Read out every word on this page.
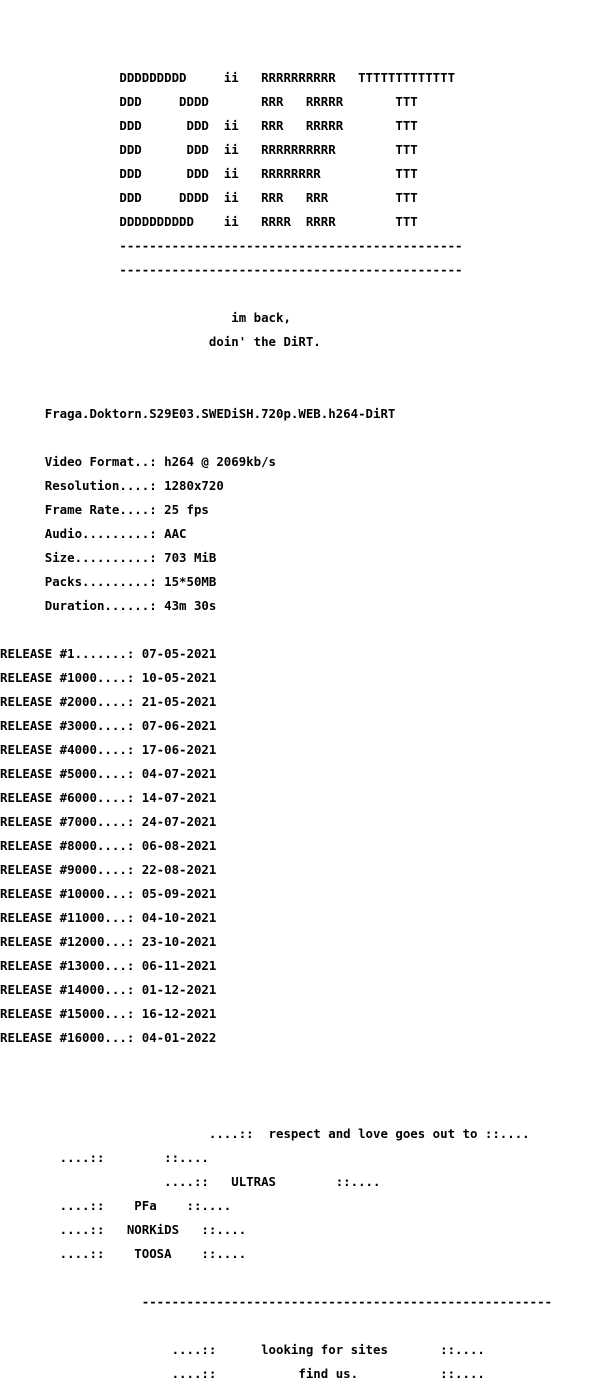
DDDDDDDDD     ii   RRRRRRRRRR   TTTTTTTTTTTTT

DDD     DDDD       RRR   RRRRR       TTT

DDD      DDD  ii   RRR   RRRRR       TTT

DDD      DDD  ii   RRRRRRRRRR        TTT

DDD      DDD  ii   RRRRRRRR          TTT

DDD     DDDD  ii   RRR   RRR         TTT

DDDDDDDDDD    ii   RRRR  RRRR        TTT

----------------------------------------------

----------------------------------------------

im back,

doin' the DiRT.

Fraga.Doktorn.S29E03.SWEDiSH.720p.WEB.h264-DiRT

Video Format..: h264 @ 2069kb/s

Resolution....: 1280x720

Frame Rate....: 25 fps

Audio.........: AAC

Size..........: 703 MiB

Packs.........: 15*50MB

Duration......: 43m 30s

RELEASE #1.......: 07-05-2021

RELEASE #1000....: 10-05-2021

RELEASE #2000....: 21-05-2021

RELEASE #3000....: 07-06-2021

RELEASE #4000....: 17-06-2021

RELEASE #5000....: 04-07-2021

RELEASE #6000....: 14-07-2021

RELEASE #7000....: 24-07-2021

RELEASE #8000....: 06-08-2021

RELEASE #9000....: 22-08-2021

RELEASE #10000...: 05-09-2021

RELEASE #11000...: 04-10-2021

RELEASE #12000...: 23-10-2021

RELEASE #13000...: 06-11-2021

RELEASE #14000...: 01-12-2021

RELEASE #15000...: 16-12-2021

RELEASE #16000...: 04-01-2022

....::  respect and love goes out to ::....

....::        ::....

....::   ULTRAS        ::....

....::    PFa    ::....

....::   NORKiDS   ::....

....::    TOOSA    ::....

-------------------------------------------------------

....::      looking for sites       ::....

....::           find us.           ::....
